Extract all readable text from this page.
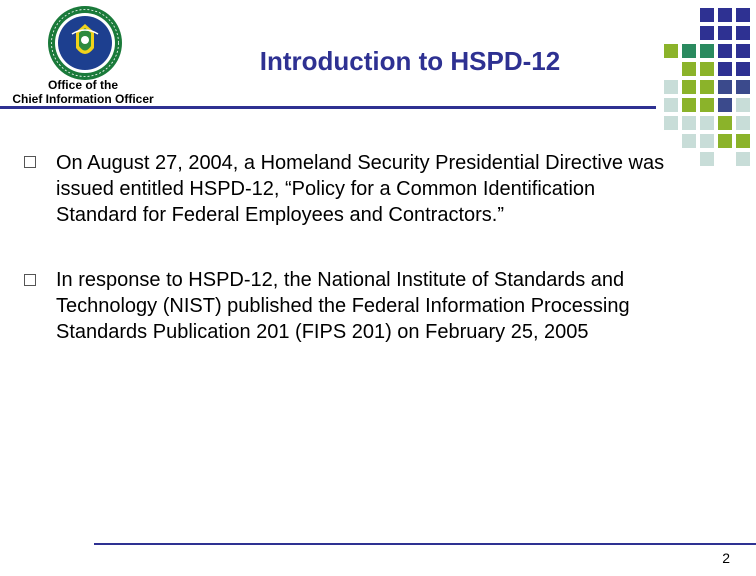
Office of the
Chief Information Officer
Introduction to HSPD-12
On August 27, 2004, a Homeland Security Presidential Directive was issued entitled HSPD-12, “Policy for a Common Identification Standard for Federal Employees and Contractors.”
In response to HSPD-12, the National Institute of Standards and Technology (NIST) published the Federal Information Processing Standards Publication 201 (FIPS 201) on February 25, 2005
2
